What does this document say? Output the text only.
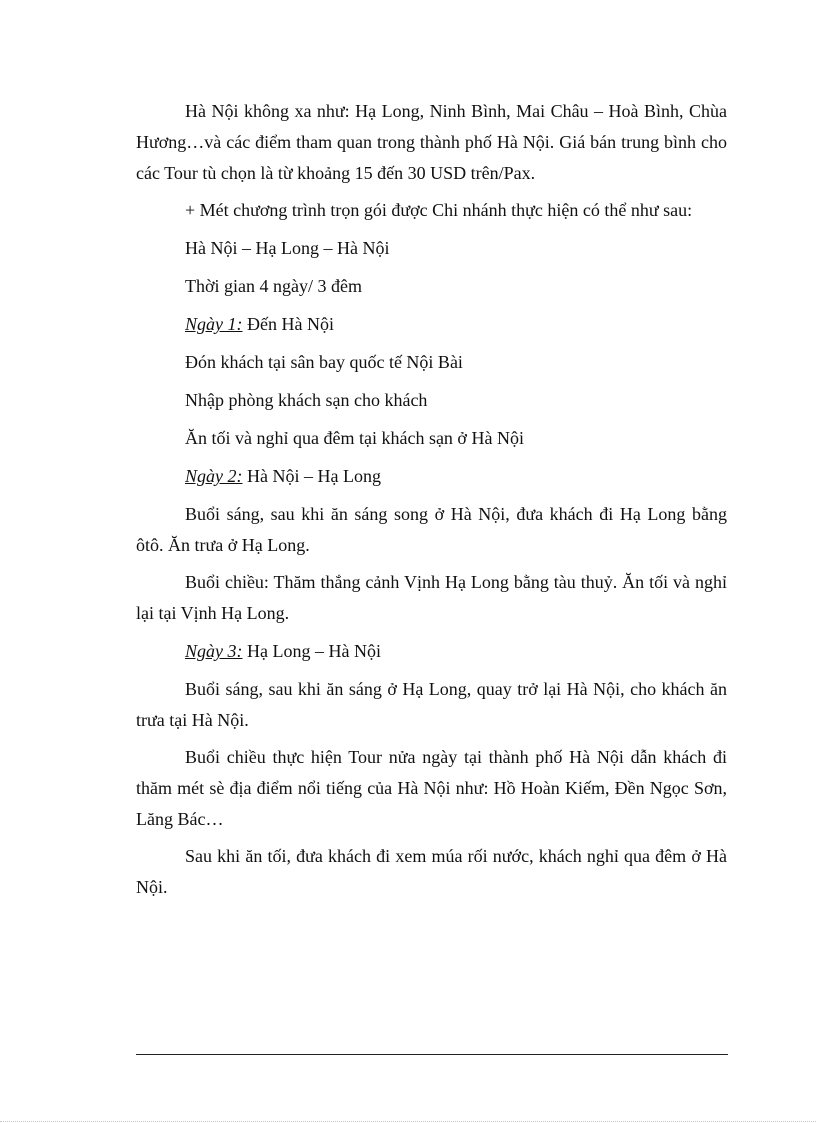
Hà Nội không xa như: Hạ Long, Ninh Bình, Mai Châu – Hoà Bình, Chùa Hương…và các điểm tham quan trong thành phố Hà Nội. Giá bán trung bình cho các Tour tù chọn là từ khoảng 15 đến 30 USD trên/Pax.

+ Mét chương trình trọn gói được Chi nhánh thực hiện có thể như sau:

Hà Nội – Hạ Long – Hà Nội

Thời gian 4 ngày/ 3 đêm

Ngày 1: Đến Hà Nội

Đón khách tại sân bay quốc tế Nội Bài

Nhập phòng khách sạn cho khách

Ăn tối và nghỉ qua đêm tại khách sạn ở Hà Nội

Ngày 2: Hà Nội – Hạ Long

Buổi sáng, sau khi ăn sáng song ở Hà Nội, đưa khách đi Hạ Long bằng ôtô. Ăn trưa ở Hạ Long.

Buổi chiều: Thăm thắng cảnh Vịnh Hạ Long bằng tàu thuỷ. Ăn tối và nghỉ lại tại Vịnh Hạ Long.

Ngày 3: Hạ Long – Hà Nội

Buổi sáng, sau khi ăn sáng ở Hạ Long, quay trở lại Hà Nội, cho khách ăn trưa tại Hà Nội.

Buổi chiều thực hiện Tour nửa ngày tại thành phố Hà Nội dẫn khách đi thăm mét sè địa điểm nổi tiếng của Hà Nội như: Hồ Hoàn Kiếm, Đền Ngọc Sơn, Lăng Bác…

Sau khi ăn tối, đưa khách đi xem múa rối nước, khách nghỉ qua đêm ở Hà Nội.
